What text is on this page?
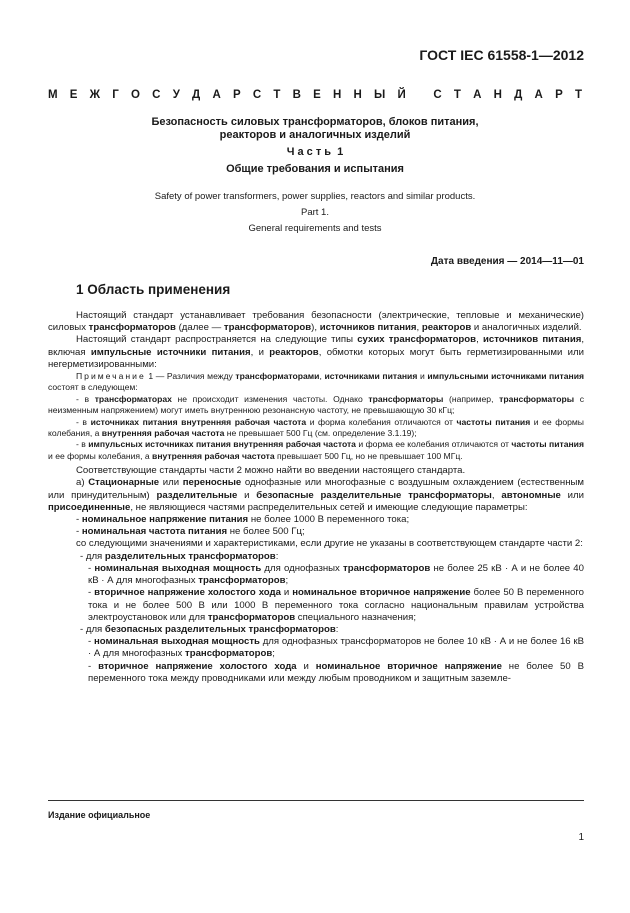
ГОСТ IEC 61558-1—2012
М Е Ж Г О С У Д А Р С Т В Е Н Н Ы Й
С Т А Н Д А Р Т
Безопасность силовых трансформаторов, блоков питания,
реакторов и аналогичных изделий
Ч а с т ь  1
Общие требования и испытания
Safety of power transformers, power supplies, reactors and similar products.
Part 1.
General requirements and tests
Дата введения — 2014—11—01
1 Область применения

Настоящий стандарт устанавливает требования безопасности (электрические, тепловые и механические) силовых трансформаторов (далее — трансформаторов), источников питания, реакторов и аналогичных изделий.

Настоящий стандарт распространяется на следующие типы сухих трансформаторов, источников питания, включая импульсные источники питания, и реакторов, обмотки которых могут быть герметизированными или негерметизированными:

Примечание 1 — Различия между трансформаторами, источниками питания и импульсными источниками питания состоят в следующем:

- в трансформаторах не происходит изменения частоты. Однако трансформаторы (например, трансформаторы с неизменным напряжением) могут иметь внутреннюю резонансную частоту, не превышающую 30 кГц;

- в источниках питания внутренняя рабочая частота и форма колебания отличаются от частоты питания и ее формы колебания, а внутренняя рабочая частота не превышает 500 Гц (см. определение 3.1.19);

- в импульсных источниках питания внутренняя рабочая частота и форма ее колебания отличаются от частоты питания и ее формы колебания, а внутренняя рабочая частота превышает 500 Гц, но не превышает 100 МГц.

Соответствующие стандарты части 2 можно найти во введении настоящего стандарта.

а) Стационарные или переносные однофазные или многофазные с воздушным охлаждением (естественным или принудительным) разделительные и безопасные разделительные трансформаторы, автономные или присоединенные, не являющиеся частями распределительных сетей и имеющие следующие параметры:

- номинальное напряжение питания не более 1000 В переменного тока;

- номинальная частота питания не более 500 Гц;

со следующими значениями и характеристиками, если другие не указаны в соответствующем стандарте части 2:

- для разделительных трансформаторов:

- номинальная выходная мощность для однофазных трансформаторов не более 25 кВ · А и не более 40 кВ · А для многофазных трансформаторов;

- вторичное напряжение холостого хода и номинальное вторичное напряжение более 50 В переменного тока и не более 500 В или 1000 В переменного тока согласно национальным правилам устройства электроустановок или для трансформаторов специального назначения;

- для безопасных разделительных трансформаторов:

- номинальная выходная мощность для однофазных трансформаторов не более 10 кВ · А и не более 16 кВ · А для многофазных трансформаторов;

- вторичное напряжение холостого хода и номинальное вторичное напряжение не более 50 В переменного тока между проводниками или между любым проводником и защитным заземле-

Издание официальное
1
